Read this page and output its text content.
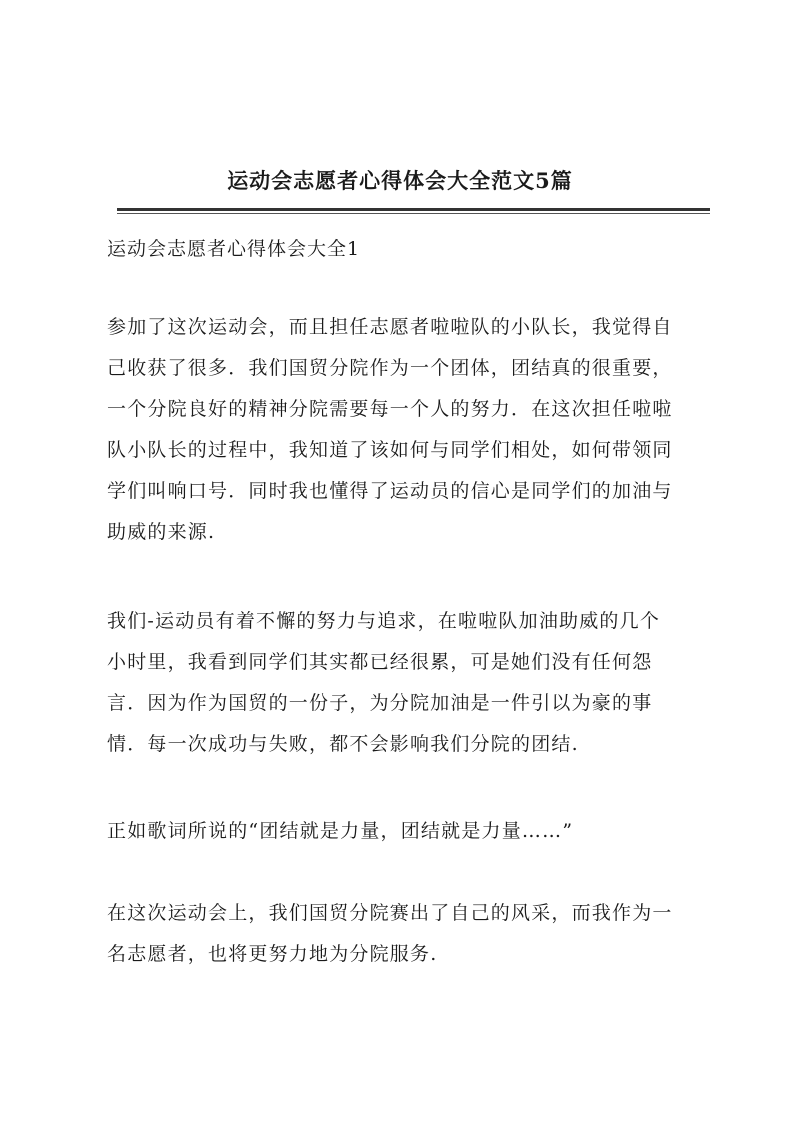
运动会志愿者心得体会大全范文5篇
运动会志愿者心得体会大全1

参加了这次运动会，而且担任志愿者啦啦队的小队长，我觉得自
己收获了很多．我们国贸分院作为一个团体，团结真的很重要，
一个分院良好的精神分院需要每一个人的努力．在这次担任啦啦
队小队长的过程中，我知道了该如何与同学们相处，如何带领同
学们叫响口号．同时我也懂得了运动员的信心是同学们的加油与
助威的来源.

我们-运动员有着不懈的努力与追求，在啦啦队加油助威的几个
小时里，我看到同学们其实都已经很累，可是她们没有任何怨
言．因为作为国贸的一份子，为分院加油是一件引以为豪的事
情．每一次成功与失败，都不会影响我们分院的团结.

正如歌词所说的“团结就是力量，团结就是力量……”

在这次运动会上，我们国贸分院赛出了自己的风采，而我作为一
名志愿者，也将更努力地为分院服务.
